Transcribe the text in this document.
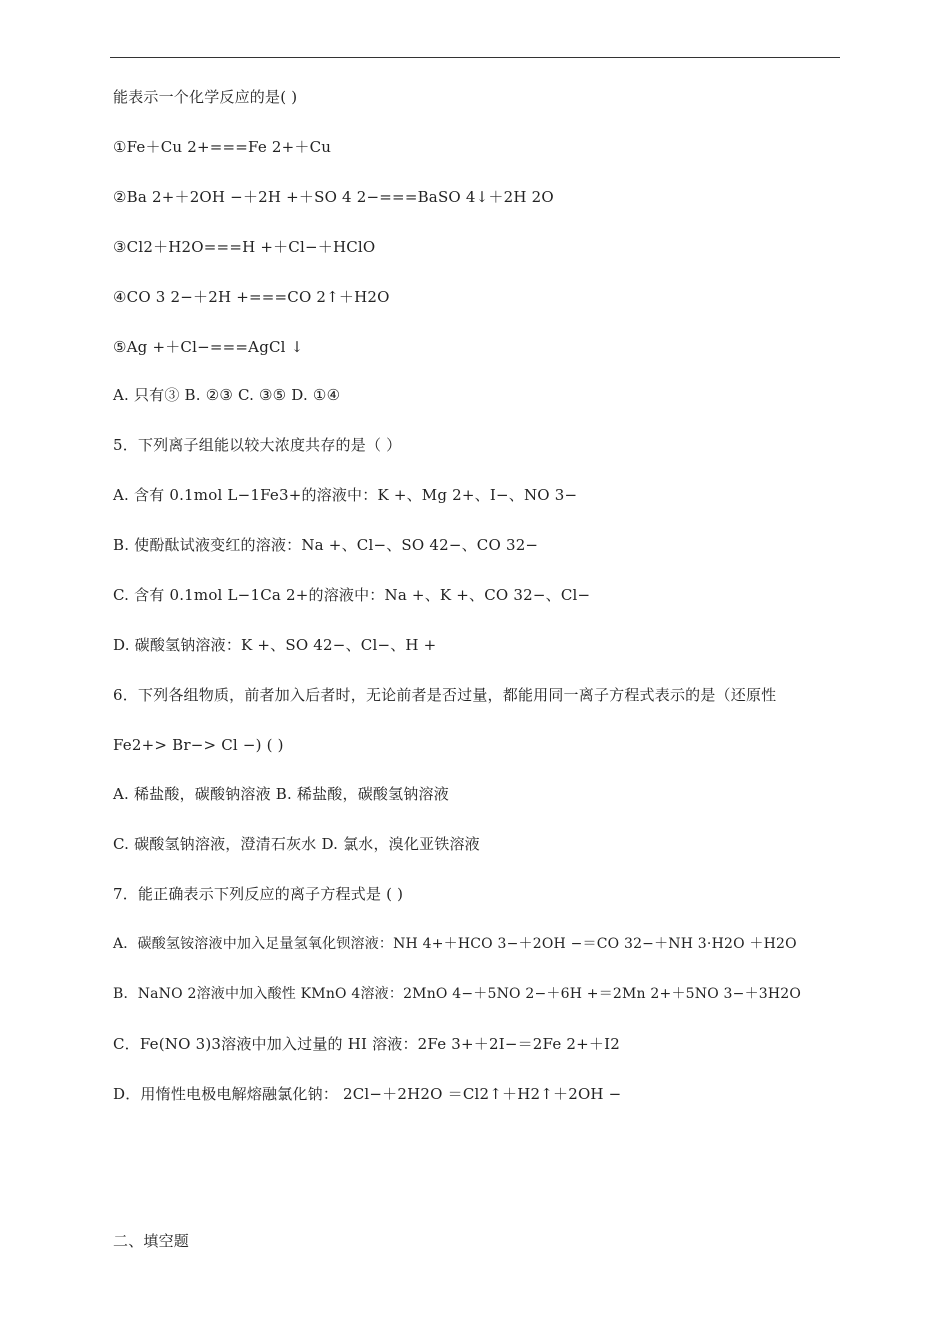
能表示一个化学反应的是( )
①Fe＋Cu 2+===Fe 2+＋Cu
②Ba 2+＋2OH −＋2H +＋SO 4 2−===BaSO 4↓＋2H 2O
③Cl2＋H2O===H +＋Cl−＋HClO
④CO 3 2−＋2H +===CO 2↑＋H2O
⑤Ag +＋Cl−===AgCl ↓
A. 只有③ B. ②③ C. ③⑤ D. ①④
5．下列离子组能以较大浓度共存的是（ ）
A. 含有 0.1mol L−1Fe3+的溶液中：K +、Mg 2+、I−、NO 3−
B. 使酚酞试液变红的溶液：Na +、Cl−、SO 42−、CO 32−
C. 含有 0.1mol L−1Ca 2+的溶液中：Na +、K +、CO 32−、Cl−
D. 碳酸氢钠溶液：K +、SO 42−、Cl−、H +
6．下列各组物质，前者加入后者时，无论前者是否过量，都能用同一离子方程式表示的是（还原性
Fe2+> Br−> Cl −) ( )
A. 稀盐酸，碳酸钠溶液 B. 稀盐酸，碳酸氢钠溶液
C. 碳酸氢钠溶液，澄清石灰水 D. 氯水，溴化亚铁溶液
7．能正确表示下列反应的离子方程式是 ( )
A．碳酸氢铵溶液中加入足量氢氧化钡溶液：NH 4+＋HCO 3−＋2OH −＝CO 32−＋NH 3·H2O ＋H2O
B．NaNO 2溶液中加入酸性 KMnO 4溶液：2MnO 4−＋5NO 2−＋6H +＝2Mn 2+＋5NO 3−＋3H2O
C．Fe(NO 3)3溶液中加入过量的 HI 溶液：2Fe 3+＋2I−＝2Fe 2+＋I2
D．用惰性电极电解熔融氯化钠： 2Cl−＋2H2O ＝Cl2↑＋H2↑＋2OH −
二、填空题
